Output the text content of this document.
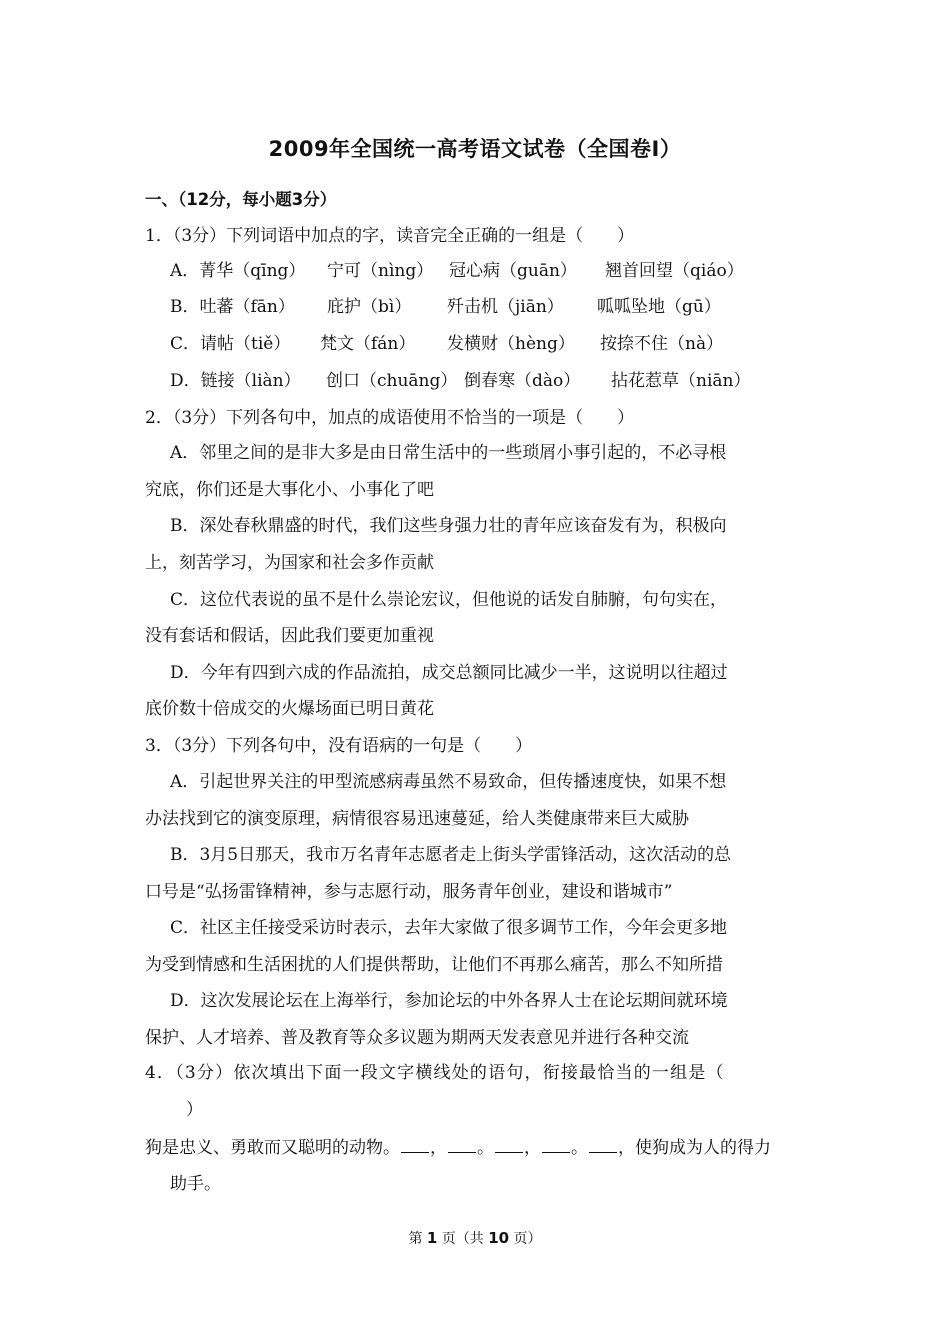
2009年全国统一高考语文试卷（全国卷Ⅰ）
一、（12分，每小题3分）
1．（3分）下列词语中加点的字，读音完全正确的一组是（　　）
A．菁华（qīng）	宁可（nìng） 冠心病（guān）	翘首回望（qiáo）
B．吐蕃（fān）	庇护（bì）	歼击机（jiān）	呱呱坠地（gū）
C．请帖（tiě）	梵文（fán）	发横财（hèng）	按捺不住（nà）
D．链接（liàn）	创口（chuāng） 倒春寒（dào）	拈花惹草（niān）
2．（3分）下列各句中，加点的成语使用不恰当的一项是（　　）
A．邻里之间的是非大多是由日常生活中的一些琐屑小事引起的，不必寻根
究底，你们还是大事化小、小事化了吧
B．深处春秋鼎盛的时代，我们这些身强力壮的青年应该奋发有为，积极向
上，刻苦学习，为国家和社会多作贡献
C．这位代表说的虽不是什么崇论宏议，但他说的话发自肺腑，句句实在，
没有套话和假话，因此我们要更加重视
D．今年有四到六成的作品流拍，成交总额同比减少一半，这说明以往超过
底价数十倍成交的火爆场面已明日黄花
3．（3分）下列各句中，没有语病的一句是（　　）
A．引起世界关注的甲型流感病毒虽然不易致命，但传播速度快，如果不想
办法找到它的演变原理，病情很容易迅速蔓延，给人类健康带来巨大威胁
B．3月5日那天，我市万名青年志愿者走上街头学雷锋活动，这次活动的总
口号是“弘扬雷锋精神，参与志愿行动，服务青年创业，建设和谐城市”
C．社区主任接受采访时表示，去年大家做了很多调节工作，今年会更多地
为受到情感和生活困扰的人们提供帮助，让他们不再那么痛苦，那么不知所措
D．这次发展论坛在上海举行，参加论坛的中外各界人士在论坛期间就环境
保护、人才培养、普及教育等众多议题为期两天发表意见并进行各种交流
4．（3分）依次填出下面一段文字横线处的语句，衔接最恰当的一组是（
）
狗是忠义、勇敢而又聪明的动物。 ， 。 ， 。 ，使狗成为人的得力
助手。
第 1 页（共 10 页）
